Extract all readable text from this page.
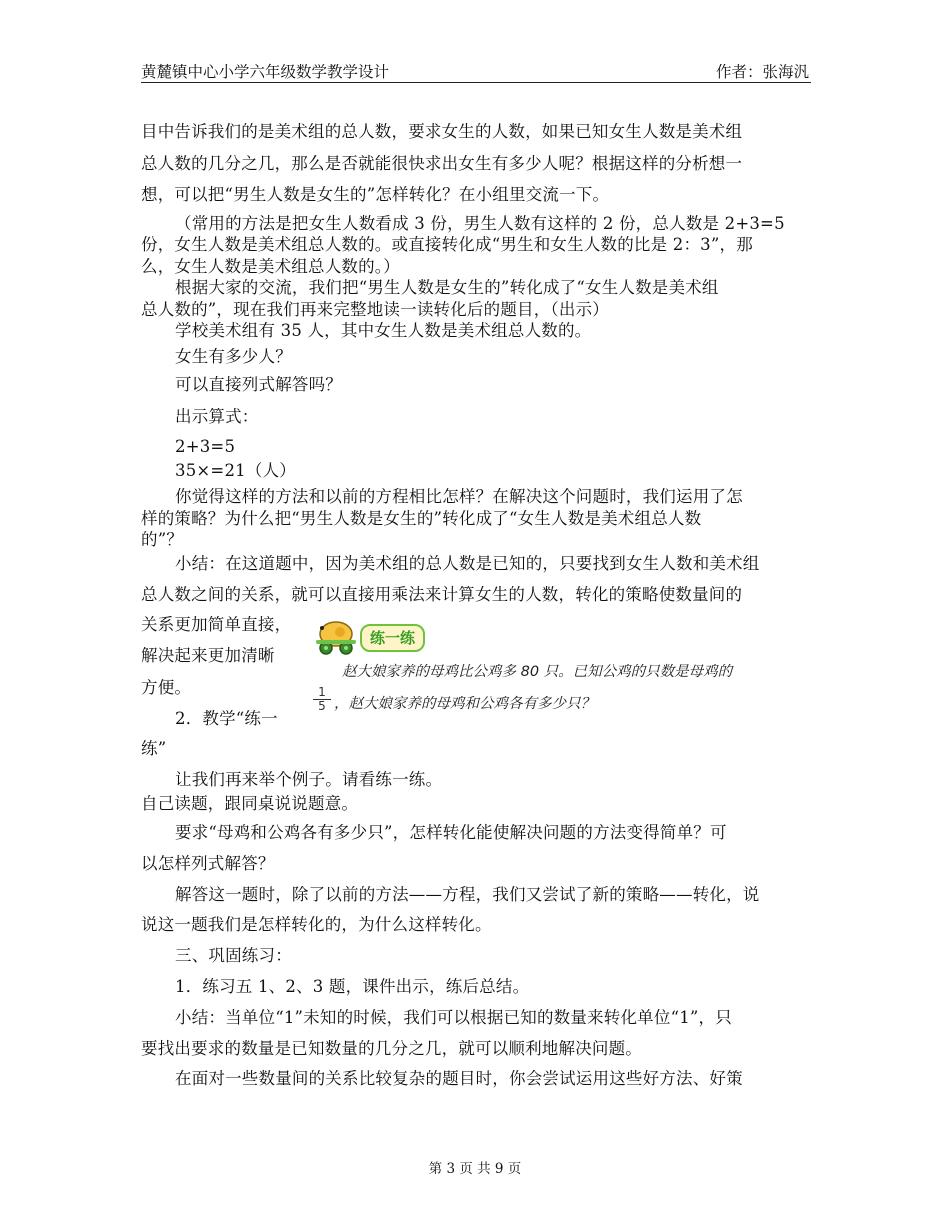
黄麓镇中心小学六年级数学教学设计	作者：张海汎
目中告诉我们的是美术组的总人数，要求女生的人数，如果已知女生人数是美术组
总人数的几分之几，那么是否就能很快求出女生有多少人呢？根据这样的分析想一
想，可以把“男生人数是女生的”怎样转化？在小组里交流一下。
（常用的方法是把女生人数看成 3 份，男生人数有这样的 2 份，总人数是 2+3=5
份，女生人数是美术组总人数的。或直接转化成“男生和女生人数的比是 2：3”，那
么，女生人数是美术组总人数的。）
根据大家的交流，我们把“男生人数是女生的”转化成了“女生人数是美术组
总人数的”，现在我们再来完整地读一读转化后的题目，（出示）
学校美术组有 35 人，其中女生人数是美术组总人数的。
女生有多少人？
可以直接列式解答吗？
出示算式：
2+3=5
35×=21（人）
你觉得这样的方法和以前的方程相比怎样？在解决这个问题时，我们运用了怎
样的策略？为什么把“男生人数是女生的”转化成了“女生人数是美术组总人数
的”？
小结：在这道题中，因为美术组的总人数是已知的，只要找到女生人数和美术组
总人数之间的关系，就可以直接用乘法来计算女生的人数，转化的策略使数量间的
关系更加简单直接，
解决起来更加清晰
方便。
2．教学“练一
练”
让我们再来举个例子。请看练一练。
自己读题，跟同桌说说题意。
要求“母鸡和公鸡各有多少只”，怎样转化能使解决问题的方法变得简单？可
以怎样列式解答？
解答这一题时，除了以前的方法——方程，我们又尝试了新的策略——转化，说
说这一题我们是怎样转化的，为什么这样转化。
三、巩固练习：
1．练习五 1、2、3 题，课件出示，练后总结。
小结：当单位“1”未知的时候，我们可以根据已知的数量来转化单位“1”，只
要找出要求的数量是已知数量的几分之几，就可以顺利地解决问题。
在面对一些数量间的关系比较复杂的题目时，你会尝试运用这些好方法、好策
练一练
赵大娘家养的母鸡比公鸡多 80 只。已知公鸡的只数是母鸡的
$\frac{1}{5}$ ，赵大娘家养的母鸡和公鸡各有多少只？
第 3 页 共 9 页
